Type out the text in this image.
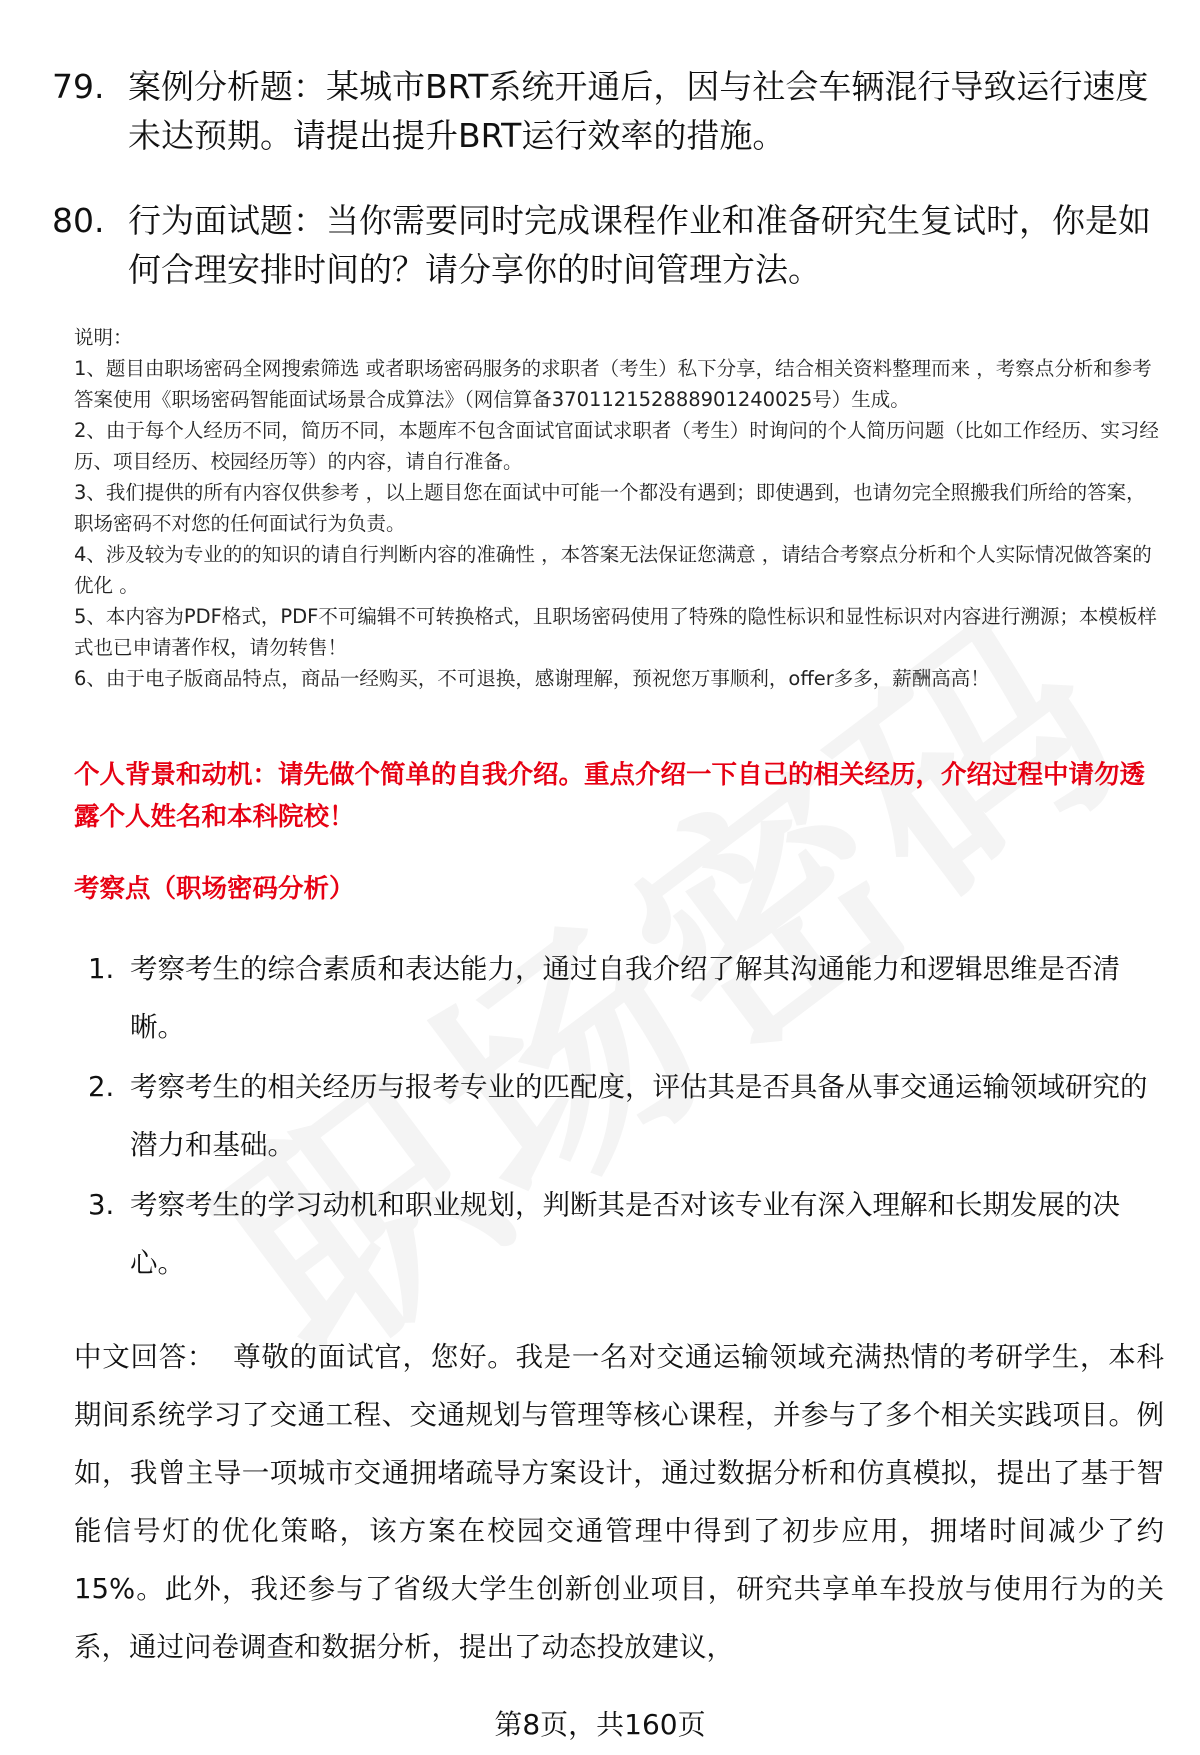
79. 案例分析题：某城市BRT系统开通后，因与社会车辆混行导致运行速度未达预期。请提出提升BRT运行效率的措施。
80. 行为面试题：当你需要同时完成课程作业和准备研究生复试时，你是如何合理安排时间的？请分享你的时间管理方法。

说明：

1、题目由职场密码全网搜索筛选 或者职场密码服务的求职者（考生）私下分享，结合相关资料整理而来 ，考察点分析和参考答案使用《职场密码智能面试场景合成算法》（网信算备370112152888901240025号）生成。

2、由于每个人经历不同，简历不同，本题库不包含面试官面试求职者（考生）时询问的个人简历问题（比如工作经历、实习经历、项目经历、校园经历等）的内容，请自行准备。

3、我们提供的所有内容仅供参考 ，以上题目您在面试中可能一个都没有遇到；即使遇到，也请勿完全照搬我们所给的答案，职场密码不对您的任何面试行为负责。

4、涉及较为专业的的知识的请自行判断内容的准确性 ，本答案无法保证您满意 ，请结合考察点分析和个人实际情况做答案的优化 。

5、本内容为PDF格式，PDF不可编辑不可转换格式，且职场密码使用了特殊的隐性标识和显性标识对内容进行溯源；本模板样式也已申请著作权，请勿转售！

6、由于电子版商品特点，商品一经购买，不可退换，感谢理解，预祝您万事顺利，offer多多，薪酬高高！

个人背景和动机：请先做个简单的自我介绍。重点介绍一下自己的相关经历，介绍过程中请勿透露个人姓名和本科院校！
考察点（职场密码分析）
1. 考察考生的综合素质和表达能力，通过自我介绍了解其沟通能力和逻辑思维是否清晰。
2. 考察考生的相关经历与报考专业的匹配度，评估其是否具备从事交通运输领域研究的潜力和基础。
3. 考察考生的学习动机和职业规划，判断其是否对该专业有深入理解和长期发展的决心。
中文回答： 尊敬的面试官，您好。我是一名对交通运输领域充满热情的考研学生，本科期间系统学习了交通工程、交通规划与管理等核心课程，并参与了多个相关实践项目。例如，我曾主导一项城市交通拥堵疏导方案设计，通过数据分析和仿真模拟，提出了基于智能信号灯的优化策略，该方案在校园交通管理中得到了初步应用，拥堵时间减少了约15%。此外，我还参与了省级大学生创新创业项目，研究共享单车投放与使用行为的关系，通过问卷调查和数据分析，提出了动态投放建议，
第8页，共160页
